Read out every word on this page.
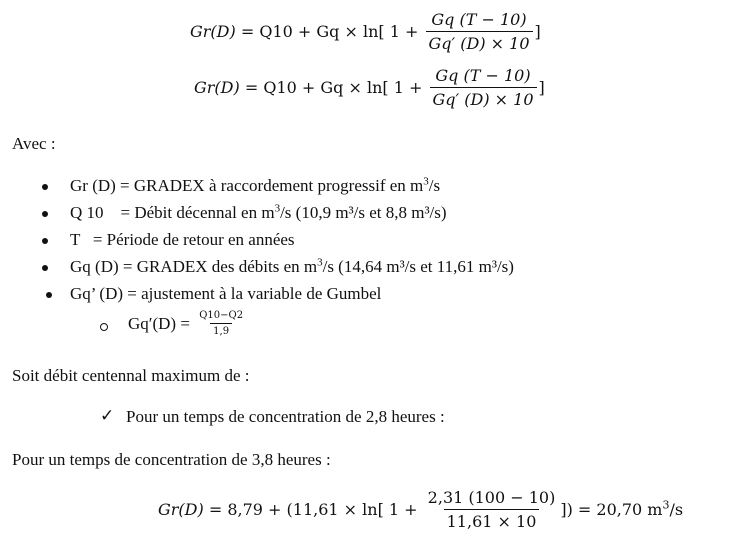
Gr(D) = Q10 + Gq × ln[ $1 + \frac{Gq (T - 10)}{Gq' (D) \times 10}$ ]
Gr(D) = Q10 + Gq × ln[ $1 + \frac{Gq (T - 10)}{Gq' (D) \times 10}$ ]
Avec :
Gr (D) = GRADEX à raccordement progressif en $m^3/s$
Q 10    = Débit décennal en $m^3/s$ (10,9 m³/s et 8,8 m³/s)
T   = Période de retour en années
Gq (D) = GRADEX des débits en $m^3/s$ (14,64 m³/s et 11,61 m³/s)
Gq’ (D) = ajustement à la variable de Gumbel
$Gq'(D) = \frac{Q10-Q2}{1,9}$
Soit débit centennal maximum de :
✓ Pour un temps de concentration de 2,8 heures :
Pour un temps de concentration de 3,8 heures :
Gr(D) = 8,79 + (11,61 × ln[ $1 + \frac{2,31 (100 - 10)}{11,61 \times 10}$ ]) = 20,70 $m^3/s$
